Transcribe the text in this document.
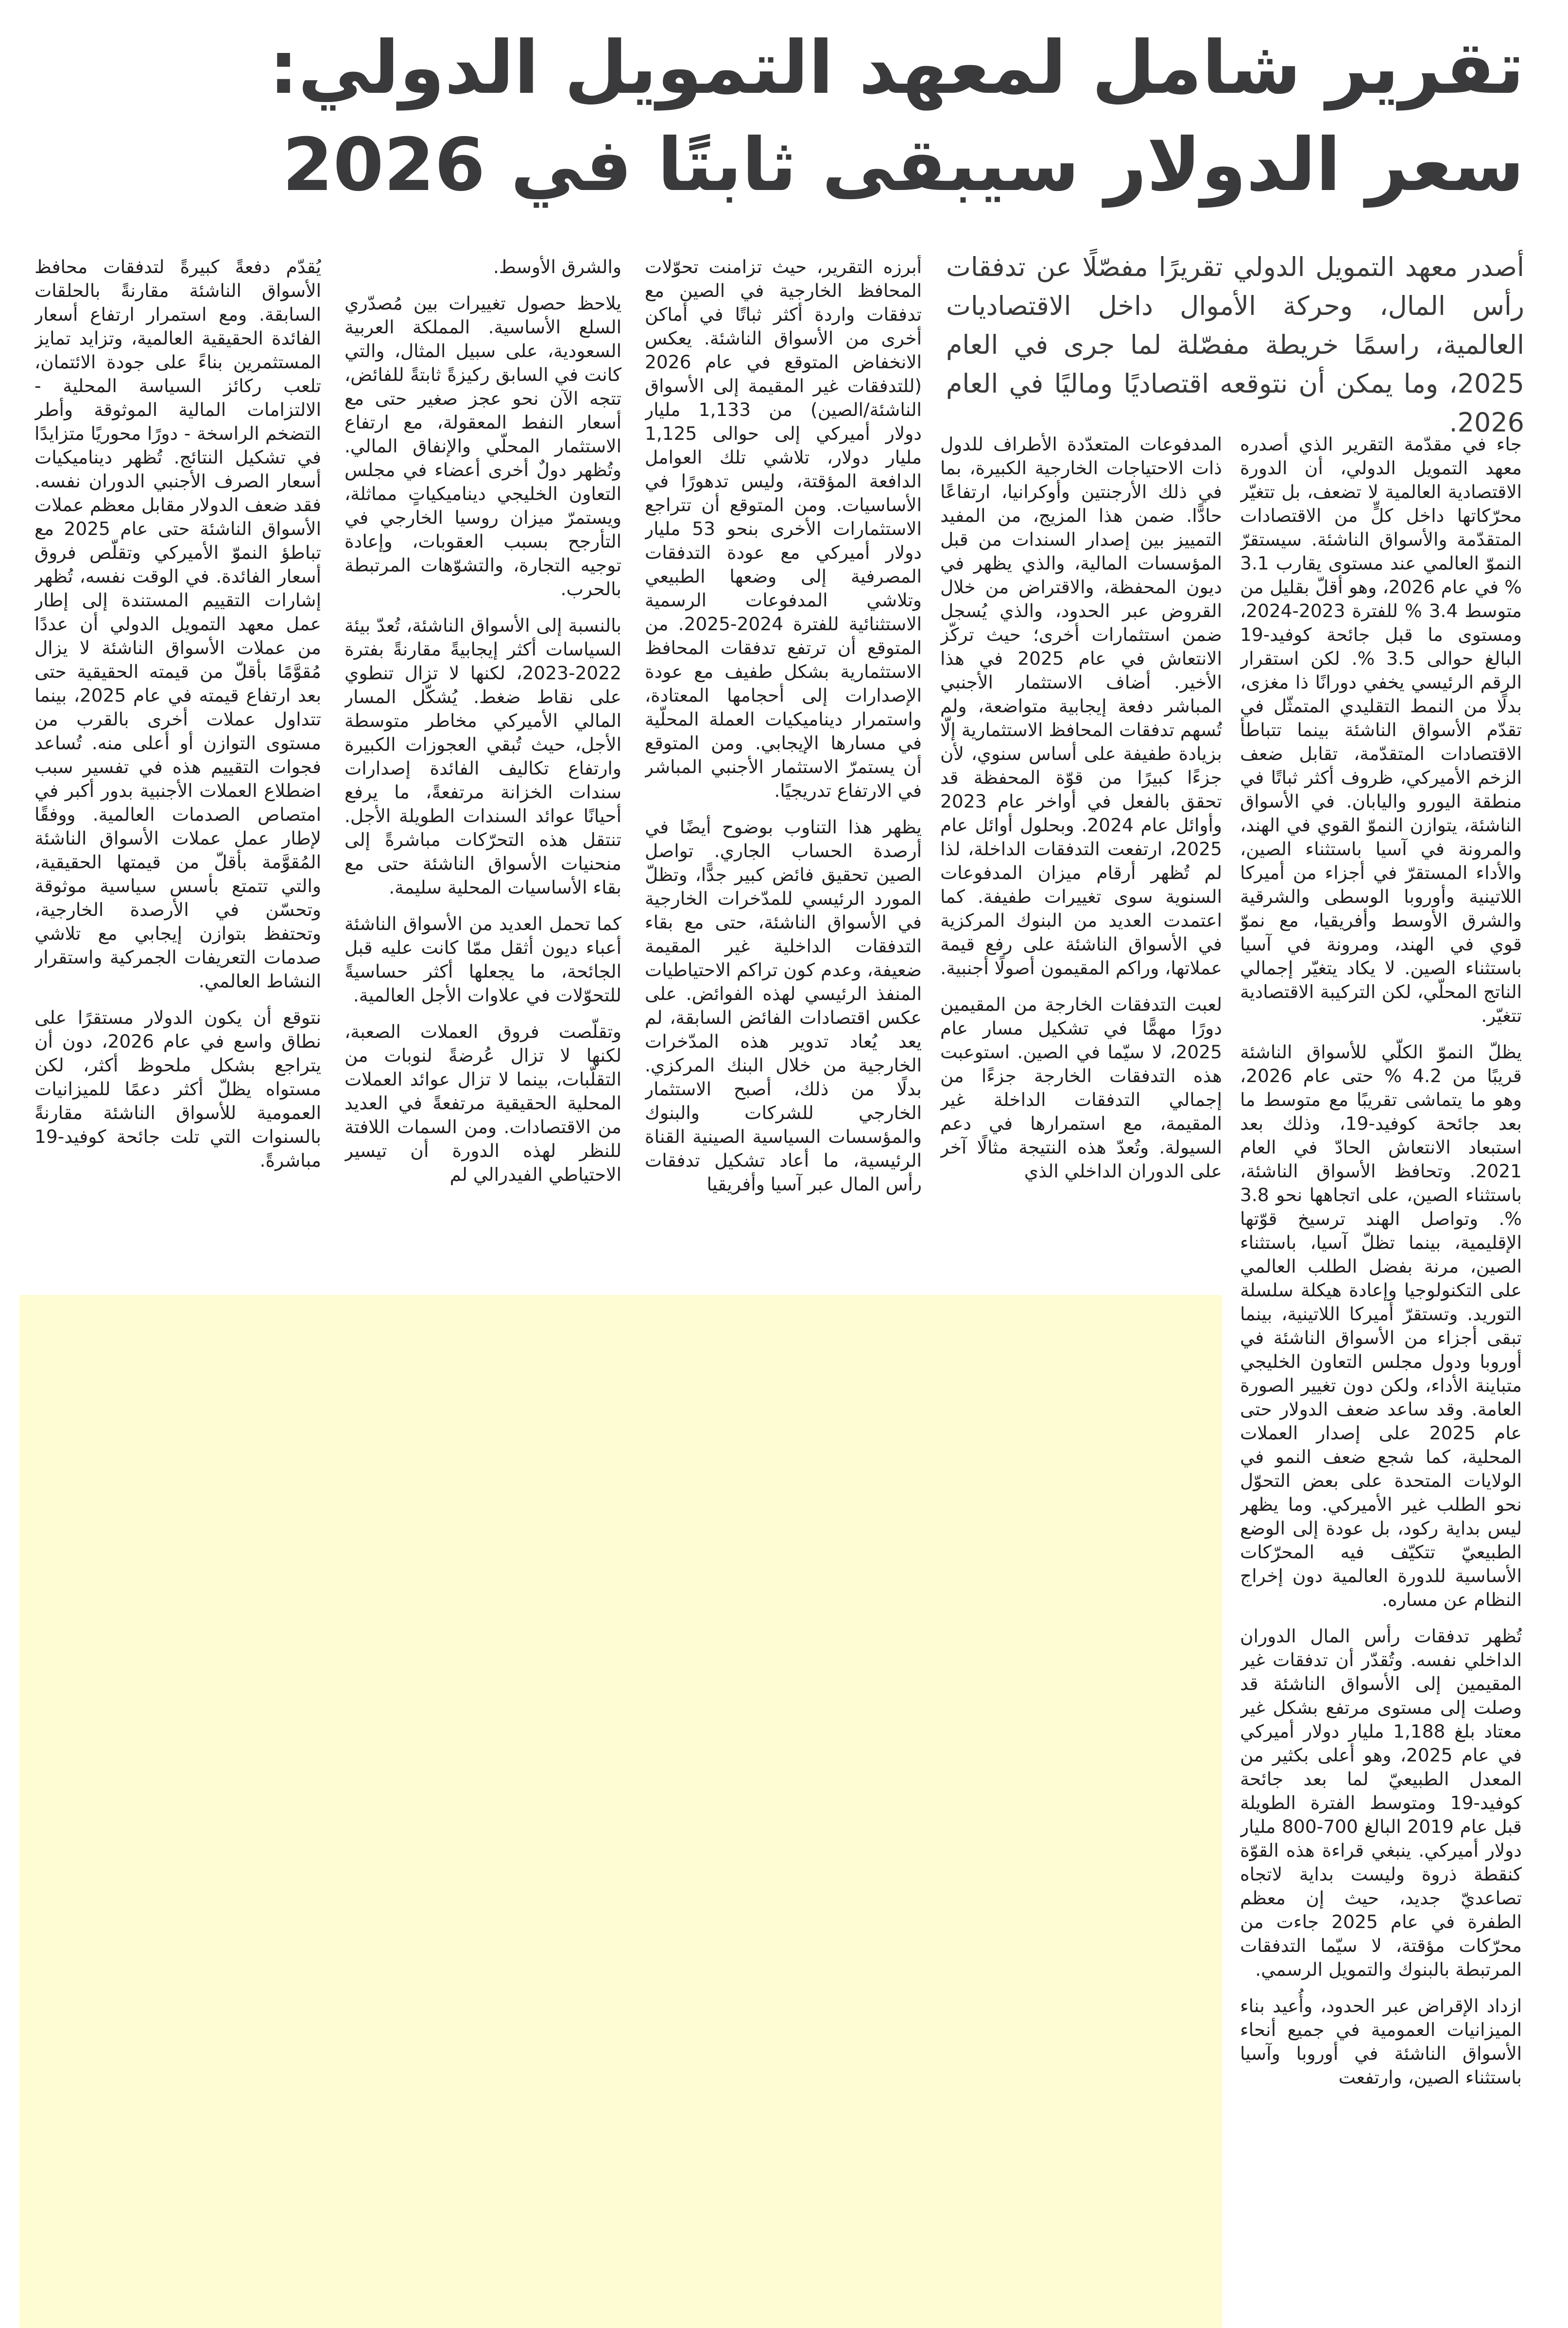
تقرير شامل لمعهد التمويل الدولي:
سعر الدولار سيبقى ثابتًا في 2026

أصدر معهد التمويل الدولي تقريرًا مفصّلًا عن تدفقات رأس المال، وحركة الأموال داخل الاقتصاديات العالمية، راسمًا خريطة مفصّلة لما جرى في العام 2025، وما يمكن أن نتوقعه اقتصاديًا وماليًا في العام 2026.

جاء في مقدّمة التقرير الذي أصدره معهد التمويل الدولي، أن الدورة الاقتصادية العالمية لا تضعف، بل تتغيّر محرّكاتها داخل كلٍّ من الاقتصادات المتقدّمة والأسواق الناشئة. سيستقرّ النموّ العالمي عند مستوى يقارب 3.1 % في عام 2026، وهو أقلّ بقليل من متوسط 3.4 % للفترة 2023-2024، ومستوى ما قبل جائحة كوفيد-19 البالغ حوالى 3.5 %. لكن استقرار الرقم الرئيسي يخفي دورانًا ذا مغزى، بدلًا من النمط التقليدي المتمثّل في تقدّم الأسواق الناشئة بينما تتباطأ الاقتصادات المتقدّمة، تقابل ضعف الزخم الأميركي، ظروف أكثر ثباتًا في منطقة اليورو واليابان. في الأسواق الناشئة، يتوازن النموّ القوي في الهند، والمرونة في آسيا باستثناء الصين، والأداء المستقرّ في أجزاء من أميركا اللاتينية وأوروبا الوسطى والشرقية والشرق الأوسط وأفريقيا، مع نموّ قوي في الهند، ومرونة في آسيا باستثناء الصين. لا يكاد يتغيّر إجمالي الناتج المحلّي، لكن التركيبة الاقتصادية تتغيّر.

يظلّ النموّ الكلّي للأسواق الناشئة قريبًا من 4.2 % حتى عام 2026، وهو ما يتماشى تقريبًا مع متوسط ما بعد جائحة كوفيد-19، وذلك بعد استبعاد الانتعاش الحادّ في العام 2021. وتحافظ الأسواق الناشئة، باستثناء الصين، على اتجاهها نحو 3.8 %. وتواصل الهند ترسيخ قوّتها الإقليمية، بينما تظلّ آسيا، باستثناء الصين، مرنة بفضل الطلب العالمي على التكنولوجيا وإعادة هيكلة سلسلة التوريد. وتستقرّ أميركا اللاتينية، بينما تبقى أجزاء من الأسواق الناشئة في أوروبا ودول مجلس التعاون الخليجي متباينة الأداء، ولكن دون تغيير الصورة العامة. وقد ساعد ضعف الدولار حتى عام 2025 على إصدار العملات المحلية، كما شجع ضعف النمو في الولايات المتحدة على بعض التحوّل نحو الطلب غير الأميركي. وما يظهر ليس بداية ركود، بل عودة إلى الوضع الطبيعيّ تتكيّف فيه المحرّكات الأساسية للدورة العالمية دون إخراج النظام عن مساره.

تُظهر تدفقات رأس المال الدوران الداخلي نفسه. وتُقدّر أن تدفقات غير المقيمين إلى الأسواق الناشئة قد وصلت إلى مستوى مرتفع بشكل غير معتاد بلغ 1,188 مليار دولار أميركي في عام 2025، وهو أعلى بكثير من المعدل الطبيعيّ لما بعد جائحة كوفيد-19 ومتوسط الفترة الطويلة قبل عام 2019 البالغ 700-800 مليار دولار أميركي. ينبغي قراءة هذه القوّة كنقطة ذروة وليست بداية لاتجاه تصاعديّ جديد، حيث إن معظم الطفرة في عام 2025 جاءت من محرّكات مؤقتة، لا سيّما التدفقات المرتبطة بالبنوك والتمويل الرسمي.

ازداد الإقراض عبر الحدود، وأُعيد بناء الميزانيات العمومية في جميع أنحاء الأسواق الناشئة في أوروبا وآسيا باستثناء الصين، وارتفعت

المدفوعات المتعدّدة الأطراف للدول ذات الاحتياجات الخارجية الكبيرة، بما في ذلك الأرجنتين وأوكرانيا، ارتفاعًا حادًّا. ضمن هذا المزيج، من المفيد التمييز بين إصدار السندات من قبل المؤسسات المالية، والذي يظهر في ديون المحفظة، والاقتراض من خلال القروض عبر الحدود، والذي يُسجل ضمن استثمارات أخرى؛ حيث تركّز الانتعاش في عام 2025 في هذا الأخير. أضاف الاستثمار الأجنبي المباشر دفعة إيجابية متواضعة، ولم تُسهم تدفقات المحافظ الاستثمارية إلّا بزيادة طفيفة على أساس سنوي، لأن جزءًا كبيرًا من قوّة المحفظة قد تحقق بالفعل في أواخر عام 2023 وأوائل عام 2024. وبحلول أوائل عام 2025، ارتفعت التدفقات الداخلة، لذا لم تُظهر أرقام ميزان المدفوعات السنوية سوى تغييرات طفيفة. كما اعتمدت العديد من البنوك المركزية في الأسواق الناشئة على رفع قيمة عملاتها، وراكم المقيمون أصولًا أجنبية.

لعبت التدفقات الخارجة من المقيمين دورًا مهمًّا في تشكيل مسار عام 2025، لا سيّما في الصين. استوعبت هذه التدفقات الخارجة جزءًا من إجمالي التدفقات الداخلة غير المقيمة، مع استمرارها في دعم السيولة. وتُعدّ هذه النتيجة مثالًا آخر على الدوران الداخلي الذي

أبرزه التقرير، حيث تزامنت تحوّلات المحافظ الخارجية في الصين مع تدفقات واردة أكثر ثباتًا في أماكن أخرى من الأسواق الناشئة. يعكس الانخفاض المتوقع في عام 2026 (للتدفقات غير المقيمة إلى الأسواق الناشئة/الصين) من 1,133 مليار دولار أميركي إلى حوالى 1,125 مليار دولار، تلاشي تلك العوامل الدافعة المؤقتة، وليس تدهورًا في الأساسيات. ومن المتوقع أن تتراجع الاستثمارات الأخرى بنحو 53 مليار دولار أميركي مع عودة التدفقات المصرفية إلى وضعها الطبيعي وتلاشي المدفوعات الرسمية الاستثنائية للفترة 2024-2025. من المتوقع أن ترتفع تدفقات المحافظ الاستثمارية بشكل طفيف مع عودة الإصدارات إلى أحجامها المعتادة، واستمرار ديناميكيات العملة المحلّية في مسارها الإيجابي. ومن المتوقع أن يستمرّ الاستثمار الأجنبي المباشر في الارتفاع تدريجيًا.

يظهر هذا التناوب بوضوح أيضًا في أرصدة الحساب الجاري. تواصل الصين تحقيق فائض كبير جدًّا، وتظلّ المورد الرئيسي للمدّخرات الخارجية في الأسواق الناشئة، حتى مع بقاء التدفقات الداخلية غير المقيمة ضعيفة، وعدم كون تراكم الاحتياطيات المنفذ الرئيسي لهذه الفوائض. على عكس اقتصادات الفائض السابقة، لم يعد يُعاد تدوير هذه المدّخرات الخارجية من خلال البنك المركزي. بدلًا من ذلك، أصبح الاستثمار الخارجي للشركات والبنوك والمؤسسات السياسية الصينية القناة الرئيسية، ما أعاد تشكيل تدفقات رأس المال عبر آسيا وأفريقيا

والشرق الأوسط.

يلاحظ حصول تغييرات بين مُصدّري السلع الأساسية. المملكة العربية السعودية، على سبيل المثال، والتي كانت في السابق ركيزةً ثابتةً للفائض، تتجه الآن نحو عجز صغير حتى مع أسعار النفط المعقولة، مع ارتفاع الاستثمار المحلّي والإنفاق المالي. وتُظهر دولٌ أخرى أعضاء في مجلس التعاون الخليجي ديناميكياتٍ مماثلة، ويستمرّ ميزان روسيا الخارجي في التأرجح بسبب العقوبات، وإعادة توجيه التجارة، والتشوّهات المرتبطة بالحرب.

بالنسبة إلى الأسواق الناشئة، تُعدّ بيئة السياسات أكثر إيجابيةً مقارنةً بفترة 2022-2023، لكنها لا تزال تنطوي على نقاط ضغط. يُشكّل المسار المالي الأميركي مخاطر متوسطة الأجل، حيث تُبقي العجوزات الكبيرة وارتفاع تكاليف الفائدة إصدارات سندات الخزانة مرتفعةً، ما يرفع أحيانًا عوائد السندات الطويلة الأجل. تنتقل هذه التحرّكات مباشرةً إلى منحنيات الأسواق الناشئة حتى مع بقاء الأساسيات المحلية سليمة.

كما تحمل العديد من الأسواق الناشئة أعباء ديون أثقل ممّا كانت عليه قبل الجائحة، ما يجعلها أكثر حساسيةً للتحوّلات في علاوات الأجل العالمية.

وتقلّصت فروق العملات الصعبة، لكنها لا تزال عُرضةً لنوبات من التقلّبات، بينما لا تزال عوائد العملات المحلية الحقيقية مرتفعةً في العديد من الاقتصادات. ومن السمات اللافتة للنظر لهذه الدورة أن تيسير الاحتياطي الفيدرالي لم

يُقدّم دفعةً كبيرةً لتدفقات محافظ الأسواق الناشئة مقارنةً بالحلقات السابقة. ومع استمرار ارتفاع أسعار الفائدة الحقيقية العالمية، وتزايد تمايز المستثمرين بناءً على جودة الائتمان، تلعب ركائز السياسة المحلية - الالتزامات المالية الموثوقة وأطر التضخم الراسخة - دورًا محوريًا متزايدًا في تشكيل النتائج. تُظهر ديناميكيات أسعار الصرف الأجنبي الدوران نفسه. فقد ضعف الدولار مقابل معظم عملات الأسواق الناشئة حتى عام 2025 مع تباطؤ النموّ الأميركي وتقلّص فروق أسعار الفائدة. في الوقت نفسه، تُظهر إشارات التقييم المستندة إلى إطار عمل معهد التمويل الدولي أن عددًا من عملات الأسواق الناشئة لا يزال مُقوَّمًا بأقلّ من قيمته الحقيقية حتى بعد ارتفاع قيمته في عام 2025، بينما تتداول عملات أخرى بالقرب من مستوى التوازن أو أعلى منه. تُساعد فجوات التقييم هذه في تفسير سبب اضطلاع العملات الأجنبية بدور أكبر في امتصاص الصدمات العالمية. ووفقًا لإطار عمل عملات الأسواق الناشئة المُقوَّمة بأقلّ من قيمتها الحقيقية، والتي تتمتع بأسس سياسية موثوقة وتحسّن في الأرصدة الخارجية، وتحتفظ بتوازن إيجابي مع تلاشي صدمات التعريفات الجمركية واستقرار النشاط العالمي.

نتوقع أن يكون الدولار مستقرًا على نطاق واسع في عام 2026، دون أن يتراجع بشكل ملحوظ أكثر، لكن مستواه يظلّ أكثر دعمًا للميزانيات العمومية للأسواق الناشئة مقارنةً بالسنوات التي تلت جائحة كوفيد-19 مباشرةً.
